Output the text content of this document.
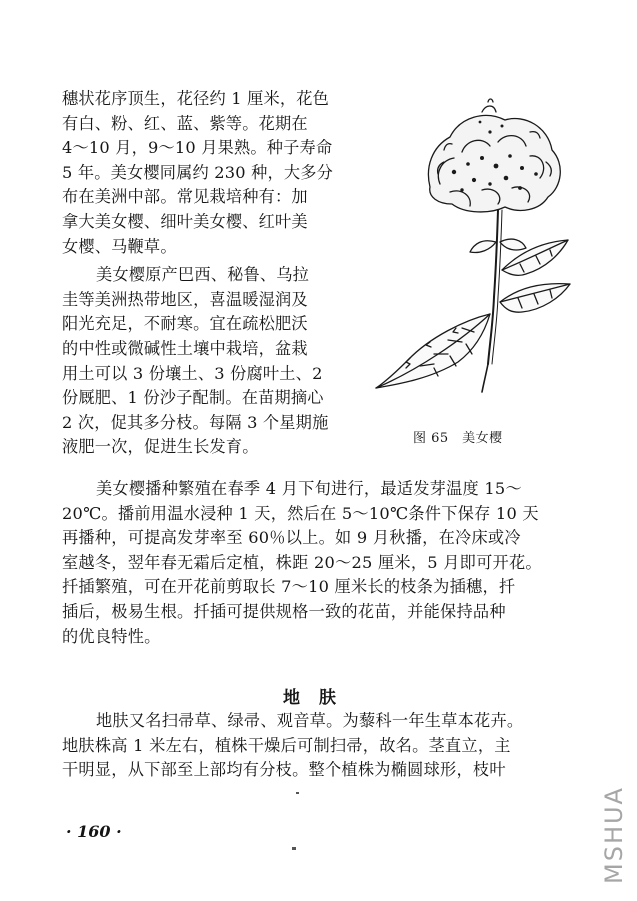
穗状花序顶生，花径约 1 厘米，花色
有白、粉、红、蓝、紫等。花期在
4～10 月，9～10 月果熟。种子寿命
5 年。美女樱同属约 230 种，大多分
布在美洲中部。常见栽培种有：加
拿大美女樱、细叶美女樱、红叶美
女樱、马鞭草。
美女樱原产巴西、秘鲁、乌拉
圭等美洲热带地区，喜温暖湿润及
阳光充足，不耐寒。宜在疏松肥沃
的中性或微碱性土壤中栽培，盆栽
用土可以 3 份壤土、3 份腐叶土、2
份厩肥、1 份沙子配制。在苗期摘心
2 次，促其多分枝。每隔 3 个星期施
液肥一次，促进生长发育。
美女樱播种繁殖在春季 4 月下旬进行，最适发芽温度 15～
20℃。播前用温水浸种 1 天，然后在 5～10℃条件下保存 10 天
再播种，可提高发芽率至 60％以上。如 9 月秋播，在冷床或冷
室越冬，翌年春无霜后定植，株距 20～25 厘米，5 月即可开花。
扦插繁殖，可在开花前剪取长 7～10 厘米长的枝条为插穗，扦
插后，极易生根。扦插可提供规格一致的花苗，并能保持品种
的优良特性。
图 65　美女樱
地　肤
地肤又名扫帚草、绿帚、观音草。为藜科一年生草本花卉。
地肤株高 1 米左右，植株干燥后可制扫帚，故名。茎直立，主
干明显，从下部至上部均有分枝。整个植株为椭圆球形，枝叶
· 160 ·	MSHUA
